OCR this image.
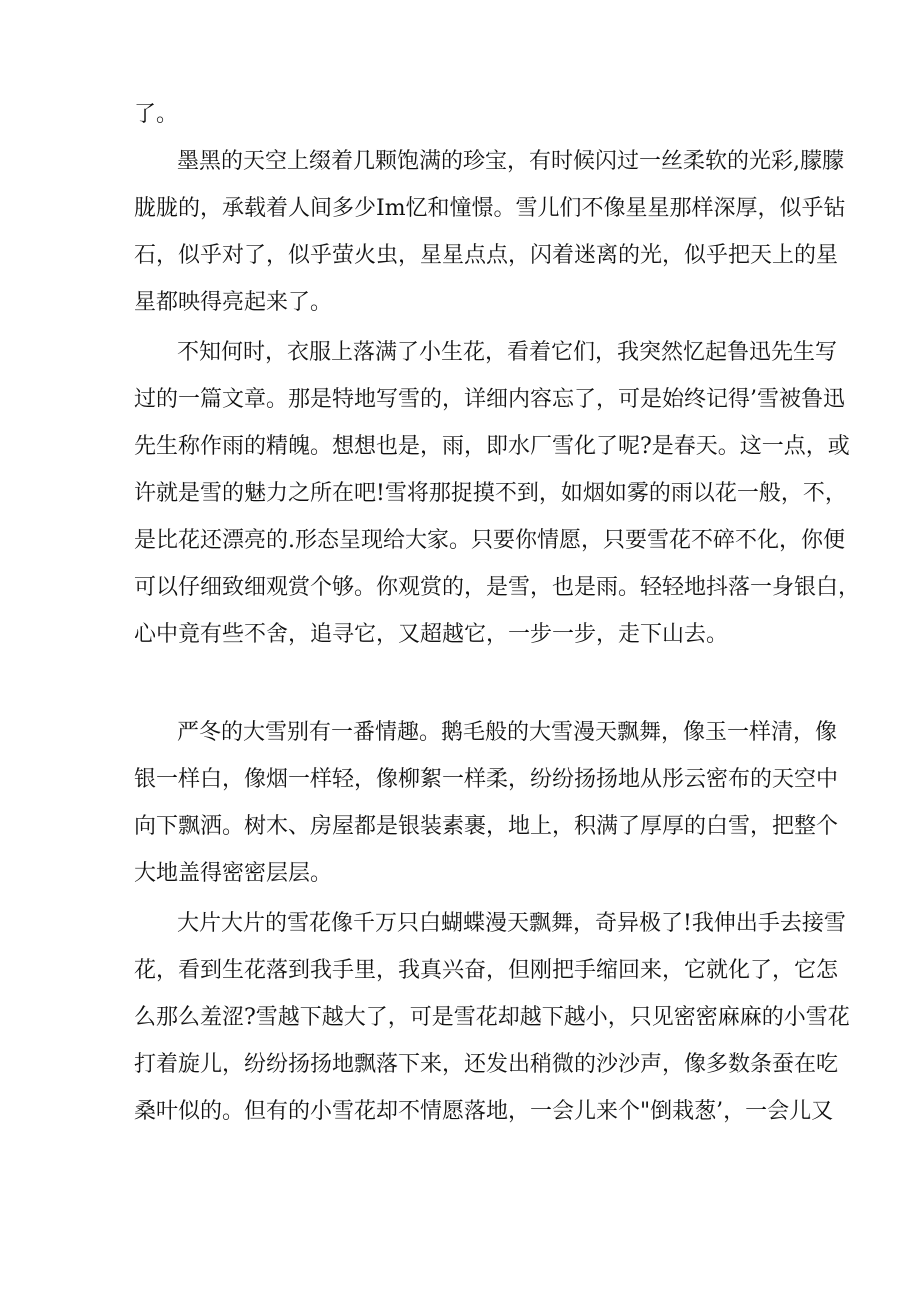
了。
墨黑的天空上缀着几颗饱满的珍宝，有时候闪过一丝柔软的光彩,朦朦
胧胧的，承载着人间多少Im忆和憧憬。雪儿们不像星星那样深厚，似乎钻
石，似乎对了，似乎萤火虫，星星点点，闪着迷离的光，似乎把天上的星
星都映得亮起来了。
不知何时，衣服上落满了小生花，看着它们，我突然忆起鲁迅先生写
过的一篇文章。那是特地写雪的，详细内容忘了，可是始终记得’雪被鲁迅
先生称作雨的精魄。想想也是，雨，即水厂雪化了呢?是春天。这一点，或
许就是雪的魅力之所在吧!雪将那捉摸不到，如烟如雾的雨以花一般，不，
是比花还漂亮的.形态呈现给大家。只要你情愿，只要雪花不碎不化，你便
可以仔细致细观赏个够。你观赏的，是雪，也是雨。轻轻地抖落一身银白，
心中竟有些不舍，追寻它，又超越它，一步一步，走下山去。
严冬的大雪别有一番情趣。鹅毛般的大雪漫天飘舞，像玉一样清，像
银一样白，像烟一样轻，像柳絮一样柔，纷纷扬扬地从彤云密布的天空中
向下飘洒。树木、房屋都是银装素裹，地上，积满了厚厚的白雪，把整个
大地盖得密密层层。
大片大片的雪花像千万只白蝴蝶漫天飘舞，奇异极了!我伸出手去接雪
花，看到生花落到我手里，我真兴奋，但刚把手缩回来，它就化了，它怎
么那么羞涩?雪越下越大了，可是雪花却越下越小，只见密密麻麻的小雪花
打着旋儿，纷纷扬扬地飘落下来，还发出稍微的沙沙声，像多数条蚕在吃
桑叶似的。但有的小雪花却不情愿落地，一会儿来个"倒栽葱’，一会儿又
